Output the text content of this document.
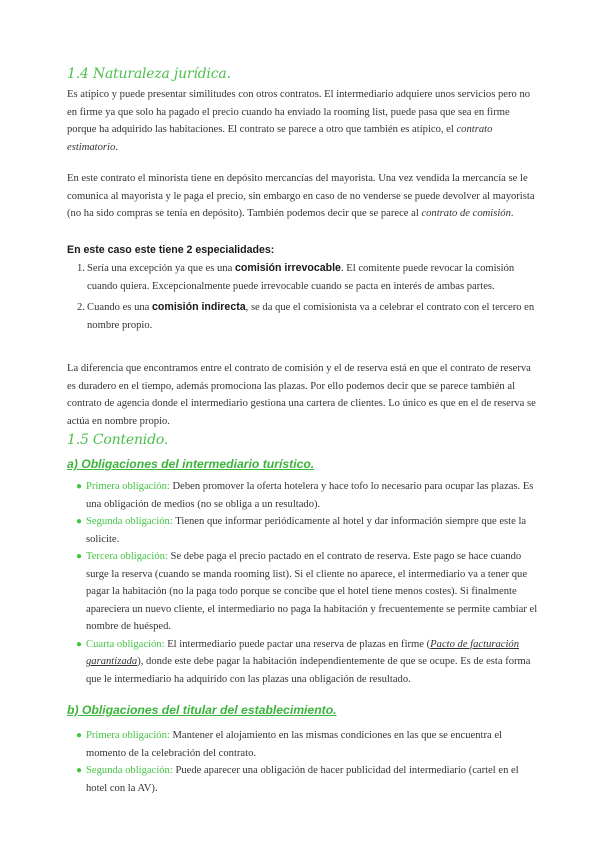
1.4 Naturaleza jurídica.

Es atípico y puede presentar similitudes con otros contratos. El intermediario adquiere unos servicios pero no en firme ya que solo ha pagado el precio cuando ha enviado la rooming list, puede pasa que sea en firme porque ha adquirido las habitaciones. El contrato se parece a otro que también es atípico, el contrato estimatorio.

En este contrato el minorista tiene en depósito mercancías del mayorista. Una vez vendida la mercancía se le comunica al mayorista y le paga el precio, sin embargo en caso de no venderse se puede devolver al mayorista (no ha sido compras se tenía en depósito). También podemos decir que se parece al contrato de comisión.

En este caso este tiene 2 especialidades:

1. Sería una excepción ya que es una comisión irrevocable. El comitente puede revocar la comisión cuando quiera. Excepcionalmente puede irrevocable cuando se pacta en interés de ambas partes.
2. Cuando es una comisión indirecta, se da que el comisionista va a celebrar el contrato con el tercero en nombre propio.

La diferencia que encontramos entre el contrato de comisión y el de reserva está en que el contrato de reserva es duradero en el tiempo, además promociona las plazas. Por ello podemos decir que se parece también al contrato de agencia donde el intermediario gestiona una cartera de clientes. Lo único es que en el de reserva se actúa en nombre propio.

1.5 Contenido.
a) Obligaciones del intermediario turístico.
● Primera obligación: Deben promover la oferta hotelera y hace tofo lo necesario para ocupar las plazas. Es una obligación de medios (no se obliga a un resultado).
● Segunda obligación: Tienen que informar periódicamente al hotel y dar información siempre que este la solicite.
● Tercera obligación: Se debe paga el precio pactado en el contrato de reserva. Este pago se hace cuando surge la reserva (cuando se manda rooming list). Si el cliente no aparece, el intermediario va a tener que pagar la habitación (no la paga todo porque se concibe que el hotel tiene menos costes). Si finalmente apareciera un nuevo cliente, el intermediario no paga la habitación y frecuentemente se permite cambiar el nombre de huésped.
● Cuarta obligación: El intermediario puede pactar una reserva de plazas en firme (Pacto de facturación garantizada), donde este debe pagar la habitación independientemente de que se ocupe. Es de esta forma que le intermediario ha adquirido con las plazas una obligación de resultado.
b) Obligaciones del titular del establecimiento.
● Primera obligación: Mantener el alojamiento en las mismas condiciones en las que se encuentra el momento de la celebración del contrato.
● Segunda obligación: Puede aparecer una obligación de hacer publicidad del intermediario (cartel en el hotel con la AV).
